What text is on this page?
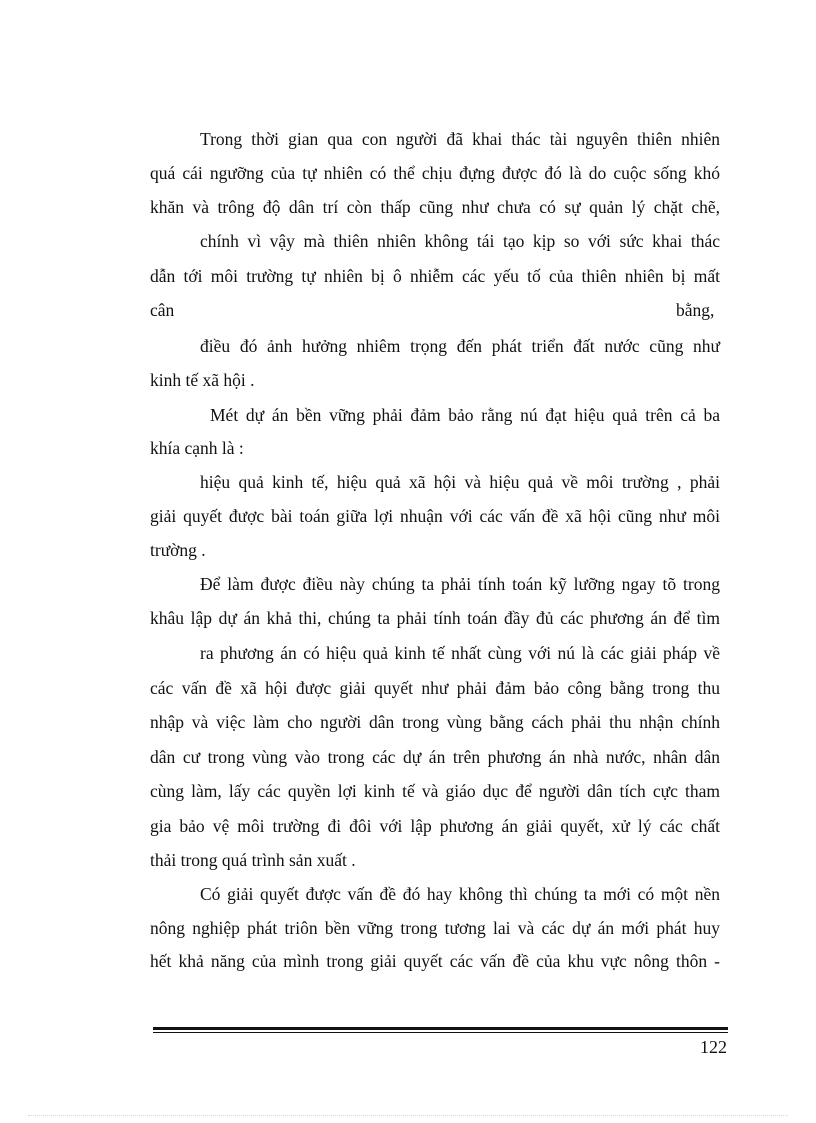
Trong thời gian qua con người đã khai thác tài nguyên thiên nhiên

quá cái ngưỡng của tự nhiên có thể chịu đựng được đó là do cuộc sống khó

khăn và trông độ dân trí còn thấp cũng như chưa có sự quản lý chặt chẽ,

chính vì vậy mà thiên nhiên không tái tạo kịp so với sức khai thác

dẫn tới môi trường tự nhiên bị ô nhiễm các yếu tố của thiên nhiên bị mất

cân	bằng,

điều đó ảnh hưởng nhiêm trọng đến phát triển đất nước cũng như

kinh tế xã hội .

Mét dự án bền vững phải đảm bảo rằng nú đạt hiệu quả trên cả ba

khía cạnh là :

hiệu quả kinh tế, hiệu quả xã hội và hiệu quả về môi trường , phải

giải quyết được bài toán giữa lợi nhuận với các vấn đề xã hội cũng như môi

trường .

Để làm được điều này chúng ta phải tính toán kỹ lưỡng ngay tõ trong

khâu lập dự án khả thi, chúng ta phải tính toán đầy đủ các phương án để tìm

ra phương án có hiệu quả kinh tế nhất cùng với nú là các giải pháp về

các vấn đề xã hội được giải quyết như phải đảm bảo công bằng trong thu

nhập và việc làm cho người dân trong vùng bằng cách phải thu nhận chính

dân cư trong vùng vào trong các dự án trên phương án nhà nước, nhân dân

cùng làm, lấy các quyền lợi kinh tế và giáo dục để người dân tích cực tham

gia bảo vệ môi trường đi đôi với lập phương án giải quyết, xử lý các chất

thải trong quá trình sản xuất .

Có giải quyết được vấn đề đó hay không thì chúng ta mới có một nền

nông nghiệp phát triôn bền vững trong tương lai và các dự án mới phát huy

hết khả năng của mình trong giải quyết các vấn đề của khu vực nông thôn -

122
